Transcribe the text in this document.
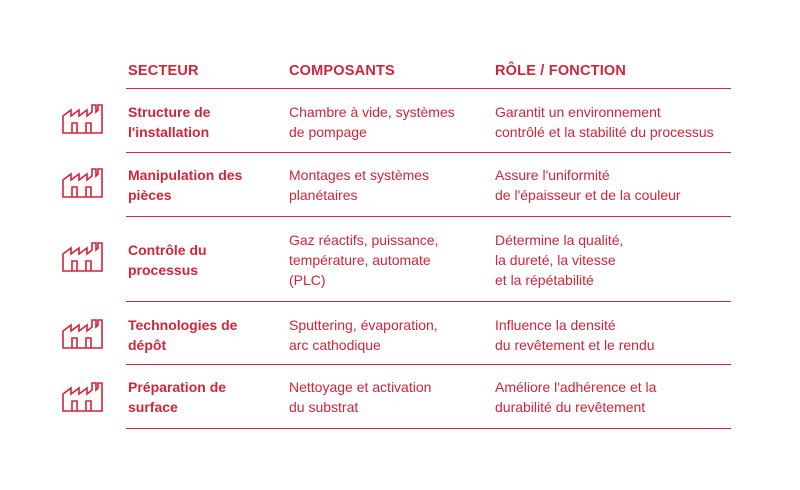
SECTEUR	COMPOSANTS	RÔLE / FONCTION
Structure de
l'installation
Chambre à vide, systèmes
de pompage
Garantit un environnement
contrôlé et la stabilité du processus
Manipulation des
pièces
Montages et systèmes
planétaires
Assure l'uniformité
de l'épaisseur et de la couleur
Contrôle du
processus
Gaz réactifs, puissance,
température, automate
(PLC)
Détermine la qualité,
la dureté, la vitesse
et la répétabilité
Technologies de
dépôt
Sputtering, évaporation,
arc cathodique
Influence la densité
du revêtement et le rendu
Préparation de
surface
Nettoyage et activation
du substrat
Améliore l'adhérence et la
durabilité du revêtement
